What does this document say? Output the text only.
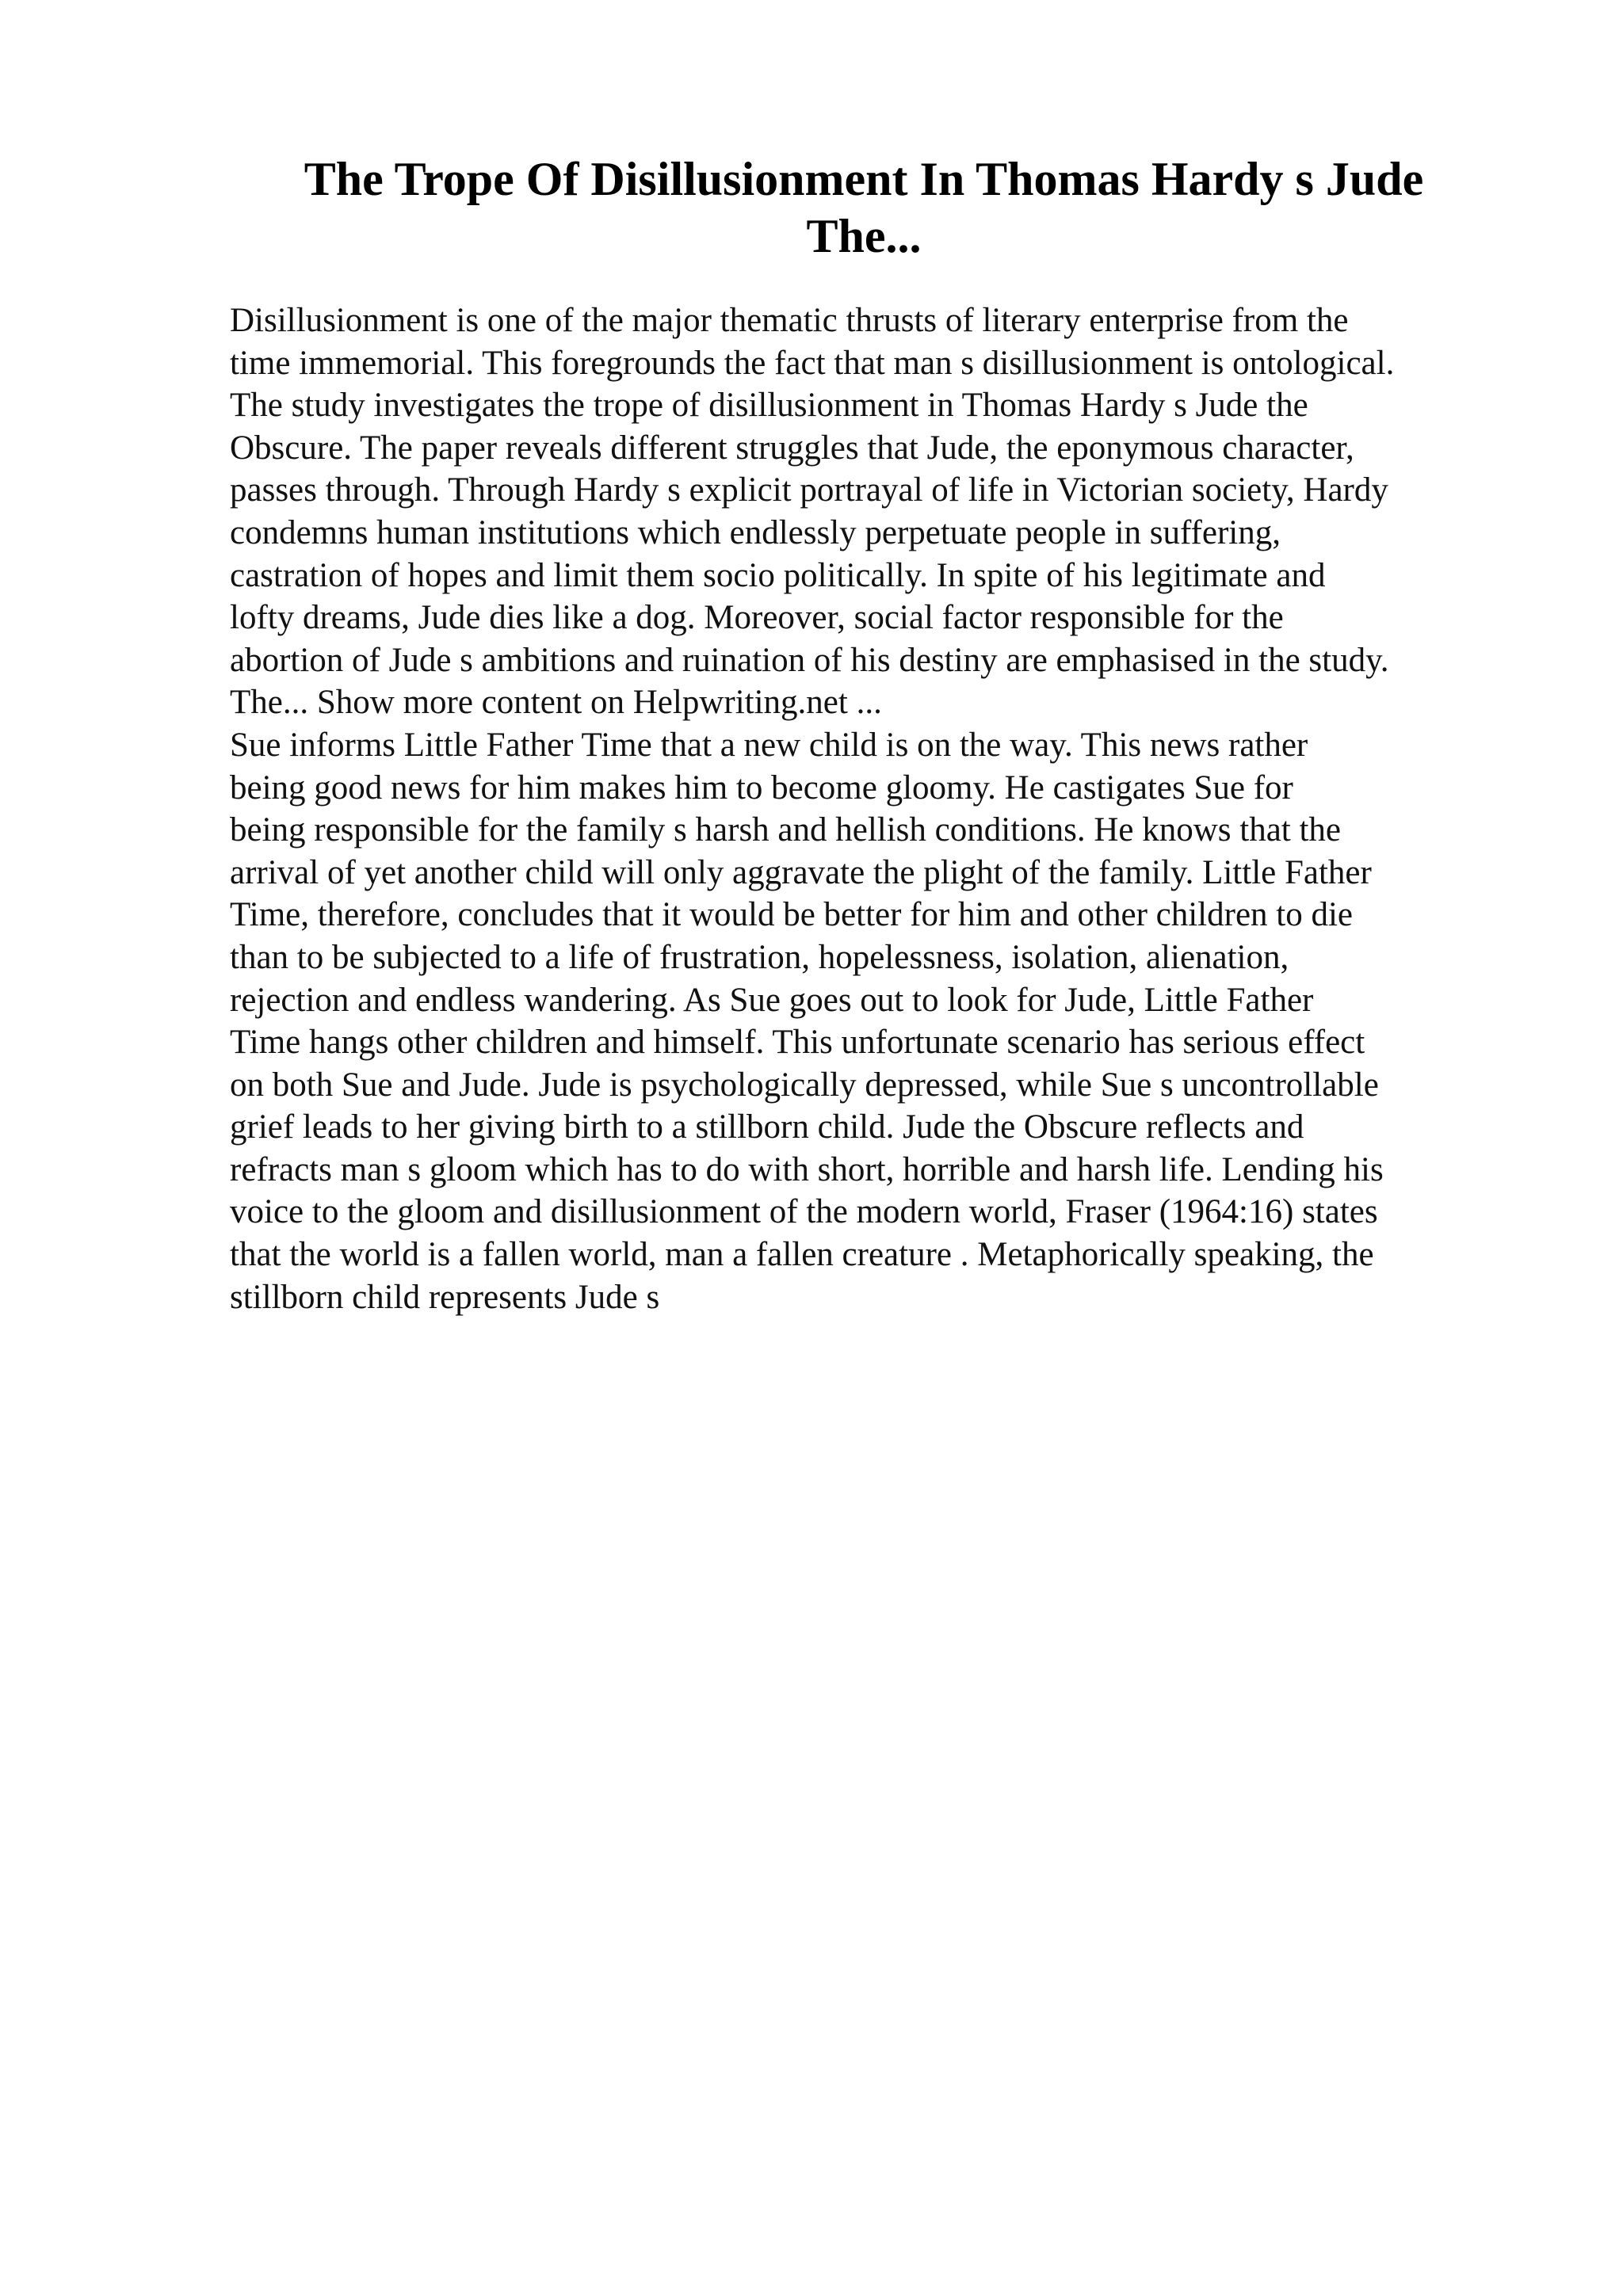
The Trope Of Disillusionment In Thomas Hardy s Jude
The...
Disillusionment is one of the major thematic thrusts of literary enterprise from the
time immemorial. This foregrounds the fact that man s disillusionment is ontological.
The study investigates the trope of disillusionment in Thomas Hardy s Jude the
Obscure. The paper reveals different struggles that Jude, the eponymous character,
passes through. Through Hardy s explicit portrayal of life in Victorian society, Hardy
condemns human institutions which endlessly perpetuate people in suffering,
castration of hopes and limit them socio politically. In spite of his legitimate and
lofty dreams, Jude dies like a dog. Moreover, social factor responsible for the
abortion of Jude s ambitions and ruination of his destiny are emphasised in the study.
The... Show more content on Helpwriting.net ...
Sue informs Little Father Time that a new child is on the way. This news rather
being good news for him makes him to become gloomy. He castigates Sue for
being responsible for the family s harsh and hellish conditions. He knows that the
arrival of yet another child will only aggravate the plight of the family. Little Father
Time, therefore, concludes that it would be better for him and other children to die
than to be subjected to a life of frustration, hopelessness, isolation, alienation,
rejection and endless wandering. As Sue goes out to look for Jude, Little Father
Time hangs other children and himself. This unfortunate scenario has serious effect
on both Sue and Jude. Jude is psychologically depressed, while Sue s uncontrollable
grief leads to her giving birth to a stillborn child. Jude the Obscure reflects and
refracts man s gloom which has to do with short, horrible and harsh life. Lending his
voice to the gloom and disillusionment of the modern world, Fraser (1964:16) states
that the world is a fallen world, man a fallen creature . Metaphorically speaking, the
stillborn child represents Jude s
